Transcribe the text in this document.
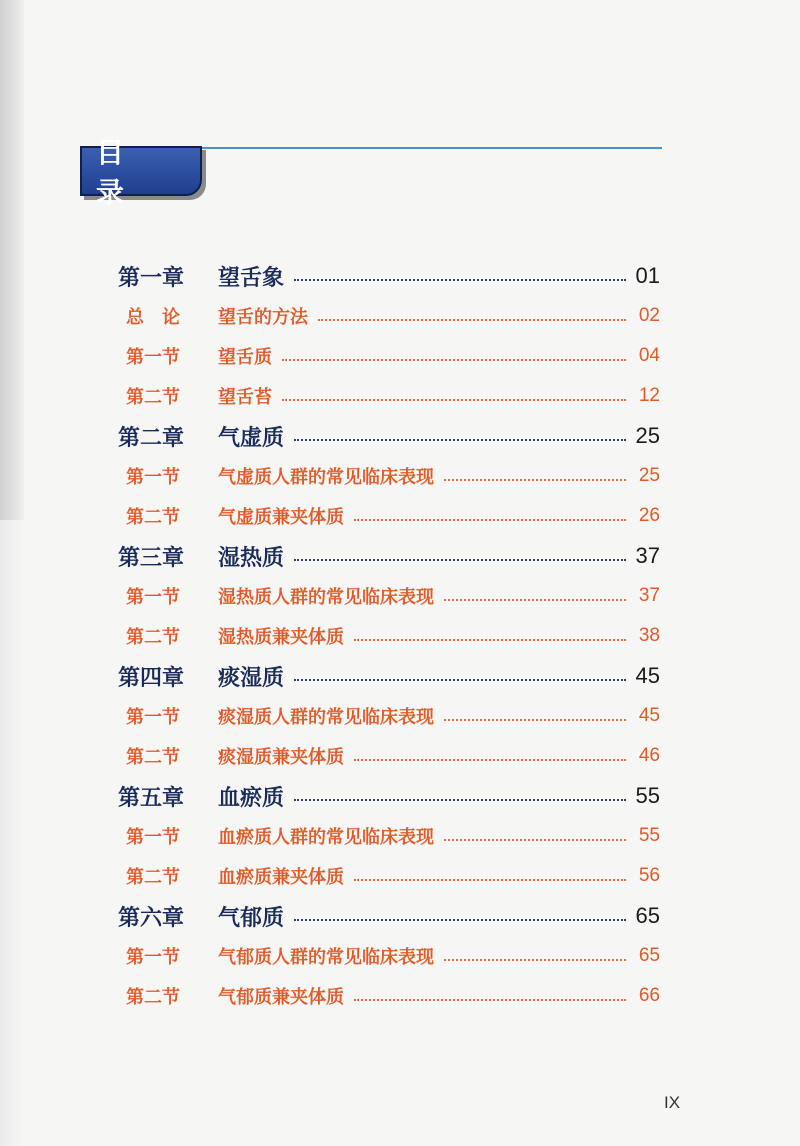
目 录
第一章	望舌象	01
总　论	望舌的方法	02
第一节	望舌质	04
第二节	望舌苔	12
第二章	气虚质	25
第一节	气虚质人群的常见临床表现	25
第二节	气虚质兼夹体质	26
第三章	湿热质	37
第一节	湿热质人群的常见临床表现	37
第二节	湿热质兼夹体质	38
第四章	痰湿质	45
第一节	痰湿质人群的常见临床表现	45
第二节	痰湿质兼夹体质	46
第五章	血瘀质	55
第一节	血瘀质人群的常见临床表现	55
第二节	血瘀质兼夹体质	56
第六章	气郁质	65
第一节	气郁质人群的常见临床表现	65
第二节	气郁质兼夹体质	66
IX
